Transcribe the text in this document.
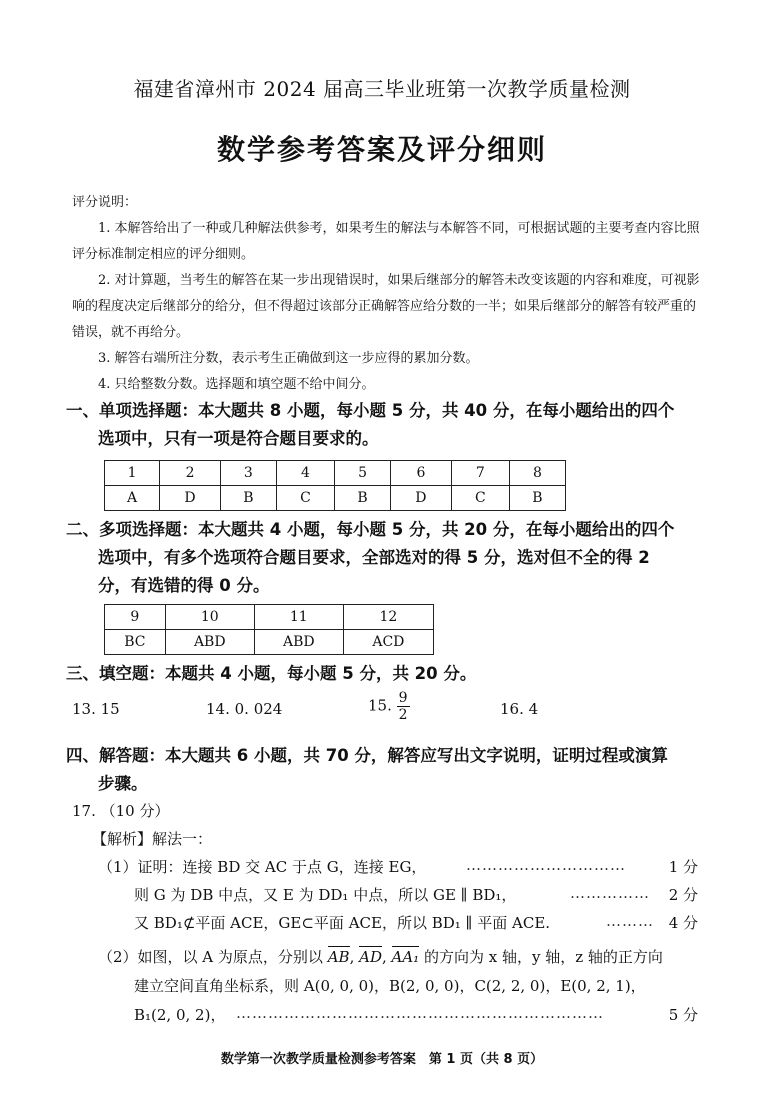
福建省漳州市 2024 届高三毕业班第一次教学质量检测
数学参考答案及评分细则
评分说明：

1. 本解答给出了一种或几种解法供参考，如果考生的解法与本解答不同，可根据试题的主要考查内容比照评分标准制定相应的评分细则。

2. 对计算题，当考生的解答在某一步出现错误时，如果后继部分的解答未改变该题的内容和难度，可视影响的程度决定后继部分的给分，但不得超过该部分正确解答应给分数的一半；如果后继部分的解答有较严重的错误，就不再给分。

3. 解答右端所注分数，表示考生正确做到这一步应得的累加分数。

4. 只给整数分数。选择题和填空题不给中间分。

一、单项选择题：本大题共 8 小题，每小题 5 分，共 40 分，在每小题给出的四个
选项中，只有一项是符合题目要求的。
1	2	3	4	5	6	7	8
A	D	B	C	B	D	C	B
二、多项选择题：本大题共 4 小题，每小题 5 分，共 20 分，在每小题给出的四个
选项中，有多个选项符合题目要求，全部选对的得 5 分，选对但不全的得 2
分，有选错的得 0 分。
9	10	11	12
BC	ABD	ABD	ACD
三、填空题：本题共 4 小题，每小题 5 分，共 20 分。
13. 15	14. 0. 024	15. $\frac{9}{2}$	16. 4
四、解答题：本大题共 6 小题，共 70 分，解答应写出文字说明，证明过程或演算
步骤。
17. （10 分）
【解析】解法一：
（1）证明：连接 BD 交 AC 于点 G，连接 EG，	…………………………	1 分
则 G 为 DB 中点，又 E 为 DD₁ 中点，所以 GE ∥ BD₁，	…………… 2 分
又 BD₁⊄平面 ACE，GE⊂平面 ACE，所以 BD₁ ∥ 平面 ACE.	……… 4 分
（2）如图，以 A 为原点，分别以 AB, AD, AA₁ 的方向为 x 轴，y 轴，z 轴的正方向
建立空间直角坐标系，则 A(0, 0, 0)，B(2, 0, 0)，C(2, 2, 0)，E(0, 2, 1)，
B₁(2, 0, 2)， ……………………………………………………………	5 分
数学第一次教学质量检测参考答案　第 1 页（共 8 页）
